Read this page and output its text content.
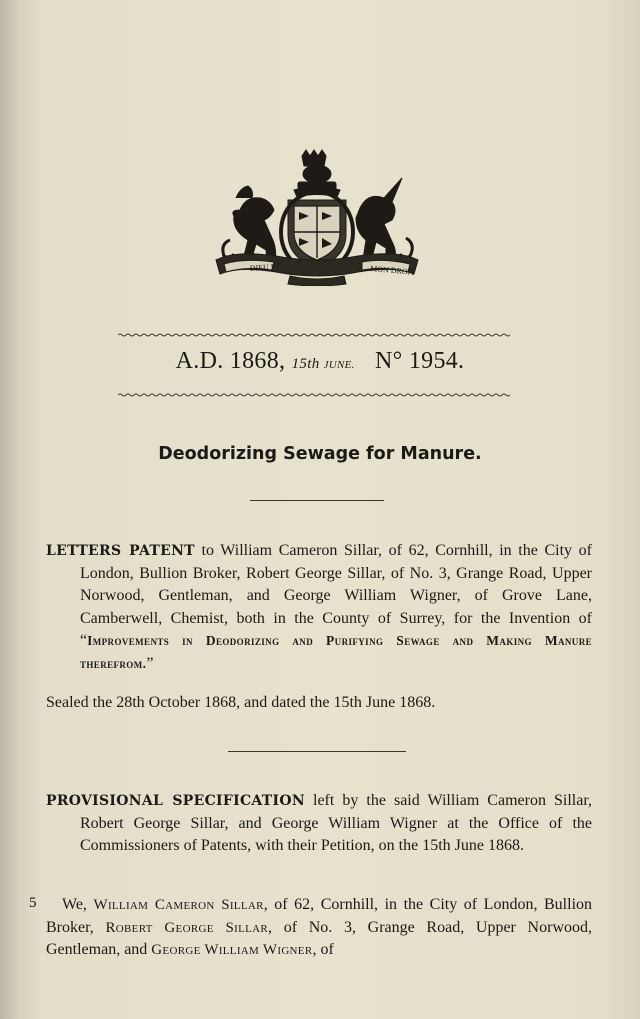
DIEU ET	MON DROIT
A.D. 1868, 15th JUNE. N° 1954.
Deodorizing Sewage for Manure.
LETTERS PATENT to William Cameron Sillar, of 62, Cornhill, in the City of London, Bullion Broker, Robert George Sillar, of No. 3, Grange Road, Upper Norwood, Gentleman, and George William Wigner, of Grove Lane, Camberwell, Chemist, both in the County of Surrey, for the Invention of “Improvements in Deodorizing and Purifying Sewage and Making Manure therefrom.”
Sealed the 28th October 1868, and dated the 15th June 1868.
PROVISIONAL SPECIFICATION left by the said William Cameron Sillar, Robert George Sillar, and George William Wigner at the Office of the Commissioners of Patents, with their Petition, on the 15th June 1868.
5	We, William Cameron Sillar, of 62, Cornhill, in the City of London, Bullion Broker, Robert George Sillar, of No. 3, Grange Road, Upper Norwood, Gentleman, and George William Wigner, of
